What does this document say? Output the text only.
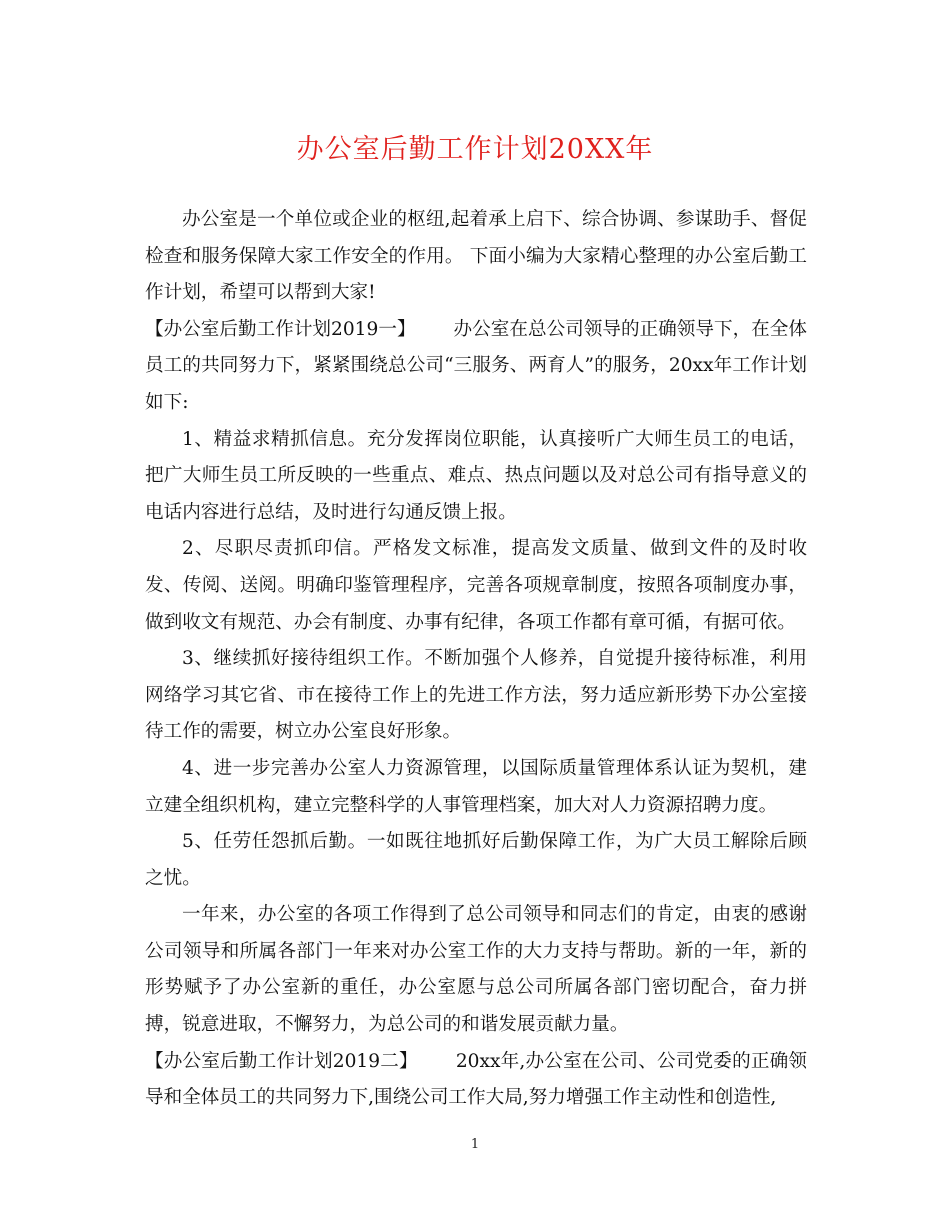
办公室后勤工作计划20XX年

办公室是一个单位或企业的枢纽,起着承上启下、综合协调、参谋助手、督促检查和服务保障大家工作安全的作用。 下面小编为大家精心整理的办公室后勤工作计划，希望可以帮到大家!

【办公室后勤工作计划2019一】 办公室在总公司领导的正确领导下，在全体员工的共同努力下，紧紧围绕总公司“三服务、两育人”的服务，20xx年工作计划如下:

1、精益求精抓信息。充分发挥岗位职能，认真接听广大师生员工的电话，把广大师生员工所反映的一些重点、难点、热点问题以及对总公司有指导意义的电话内容进行总结，及时进行勾通反馈上报。

2、尽职尽责抓印信。严格发文标准，提高发文质量、做到文件的及时收发、传阅、送阅。明确印鉴管理程序，完善各项规章制度，按照各项制度办事，做到收文有规范、办会有制度、办事有纪律，各项工作都有章可循，有据可依。

3、继续抓好接待组织工作。不断加强个人修养，自觉提升接待标准，利用网络学习其它省、市在接待工作上的先进工作方法，努力适应新形势下办公室接待工作的需要，树立办公室良好形象。

4、进一步完善办公室人力资源管理，以国际质量管理体系认证为契机，建立建全组织机构，建立完整科学的人事管理档案，加大对人力资源招聘力度。

5、任劳任怨抓后勤。一如既往地抓好后勤保障工作，为广大员工解除后顾之忧。

一年来，办公室的各项工作得到了总公司领导和同志们的肯定，由衷的感谢公司领导和所属各部门一年来对办公室工作的大力支持与帮助。新的一年，新的形势赋予了办公室新的重任，办公室愿与总公司所属各部门密切配合，奋力拼搏，锐意进取，不懈努力，为总公司的和谐发展贡献力量。

【办公室后勤工作计划2019二】 20xx年,办公室在公司、公司党委的正确领导和全体员工的共同努力下,围绕公司工作大局,努力增强工作主动性和创造性,

1
